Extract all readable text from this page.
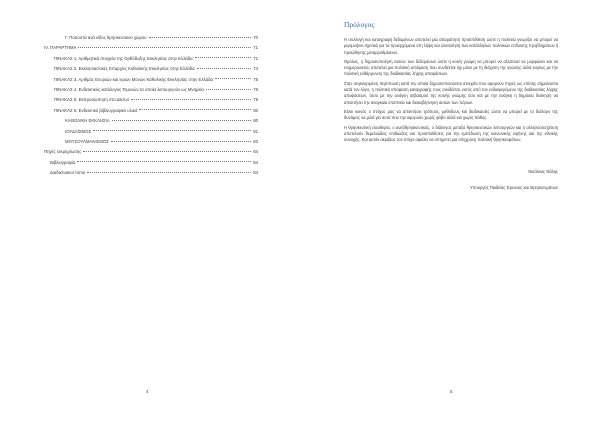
Γ. Ποσοστά ανά είδος θρησκευτικού χώρου	70
IV. ΠΑΡΑΡΤΗΜΑ	71
ΠΙΝΑΚΑΣ 1. Αριθμητικά στοιχεία της Ορθόδοξης Εκκλησίας στην Ελλάδα	71
ΠΙΝΑΚΑΣ 2. Εκκλησιαστικές Επαρχίες Καθολικής Εκκλησίας στην Ελλάδα	74
ΠΙΝΑΚΑΣ 3. Αριθμός Ενοριών και Ιερών Μονών Καθολικής Εκκλησίας στην Ελλάδα	75
ΠΙΝΑΚΑΣ 4. Ενδεικτικός κατάλογος Τεμενών τα οποία λειτουργούν ως Μνημεία	76
ΠΙΝΑΚΑΣ 5. Εκπροσώπηση στο Δίκτυο	79
ΠΙΝΑΚΑΣ 6. Ενδεικτικό βιβλιογραφικό υλικό	80
ΚΑΘΟΛΙΚΗ ΕΚΚΛΗΣΙΑ	80
ΙΟΥΔΑΪΣΜΟΣ	81
ΜΟΥΣΟΥΛΜΑΝΙΣΜΟΣ	83
Πηγές τεκμηρίωσης	84
Βιβλιογραφία	84
Διαδικτυακοί τόποι	84
4
Πρόλογος

Η συλλογή και καταγραφή δεδομένων αποτελεί μια απαραίτητη προϋπόθεση ώστε η πολιτεία γνωρίζει να μπορεί να μεριμνήσει σχετικά για τα προερχόμενα στη λήψη και υλοποίηση των κατάλληλων πολιτικών επίλυσης προβλημάτων ή προώθησης μεταρρυθμίσεων.

Ομοίως, η δημοσιοποίηση αυτών των δεδομένων ώστε η κοινή γνώμη να μπορεί να αξιοποιεί να μορφώνει και να ενημερώνεται, αποτελεί μια πολιτική απόφαση που συνδέεται όχι μόνο με τη διάχυση της γνώσης αλλά κυρίως με την πολιτική ενθάρρυνση της διαδικασίας λήψης αποφάσεων.

Στην συγκεκριμένη περίπτωση κατά την οποία δημοσιοποιούνται στοιχεία που αφορούν πηγές ως επίσης σημαίνοντα κατά τον λόγο, η πολιτική απόφαση καταγραφής τους συνδέεται, εκτός από τον ενδιαφερόμενο της διαδικασίας λήψης αποφάσεων, τόσο με την ανάγκη σεβασμού της κοινής γνώμης όσο και με την ανάγκη η δημόσια διοίκηση να αποκτήσει την αναγκαία εποπτεία και διακυβέρνηση αυτών των πόρων.

Είναι κοινός ο στόχος μας να αποκτήσει τρόπους, μεθόδους και διαδικασίες ώστε να μπορεί με το διάλογο της δυνάμεις να μιλά για αυτά που την αφορούν χωρίς φόβο αλλά και χωρίς πάθος.

Η θρησκευτική ελευθερία, ο ανεξιθρησκευτικός, ο διάλογος μεταξύ θρησκευτικών λειτουργιών και η αλληλοσυσχέτιση αποτελούν θεμελιώδεις επιδιώξεις και προϋποθέσεις για την εμπέδωση της κοινωνικής ειρήνης και της εθνικής συνοχής. Και αυτόν ακριβώς τον στόχο οφείλει να υπηρετεί μια σύγχρονη πολιτική θρησκευμάτων.

Νικόλαος Θάλης
Υπουργός Παιδείας Έρευνας και Θρησκευμάτων
5
